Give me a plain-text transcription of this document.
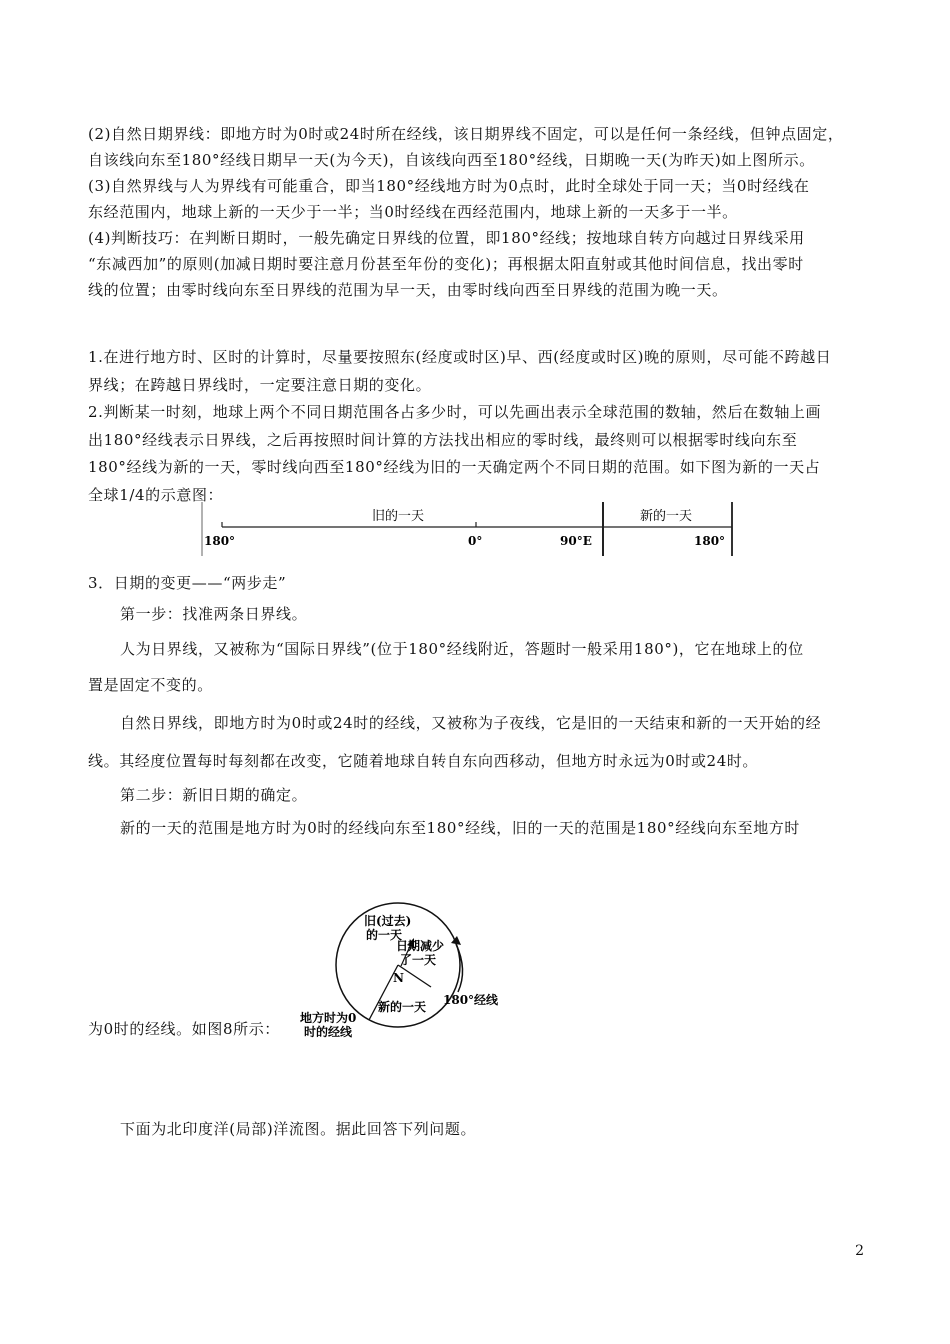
(2)自然日期界线：即地方时为0时或24时所在经线，该日期界线不固定，可以是任何一条经线，但钟点固定，

自该线向东至180°经线日期早一天(为今天)，自该线向西至180°经线，日期晚一天(为昨天)如上图所示。

(3)自然界线与人为界线有可能重合，即当180°经线地方时为0点时，此时全球处于同一天；当0时经线在

东经范围内，地球上新的一天少于一半；当0时经线在西经范围内，地球上新的一天多于一半。

(4)判断技巧：在判断日期时，一般先确定日界线的位置，即180°经线；按地球自转方向越过日界线采用

“东减西加”的原则(加减日期时要注意月份甚至年份的变化)；再根据太阳直射或其他时间信息，找出零时

线的位置；由零时线向东至日界线的范围为早一天，由零时线向西至日界线的范围为晚一天。

1.在进行地方时、区时的计算时，尽量要按照东(经度或时区)早、西(经度或时区)晚的原则，尽可能不跨越日

界线；在跨越日界线时，一定要注意日期的变化。

2.判断某一时刻，地球上两个不同日期范围各占多少时，可以先画出表示全球范围的数轴，然后在数轴上画

出180°经线表示日界线，之后再按照时间计算的方法找出相应的零时线，最终则可以根据零时线向东至

180°经线为新的一天，零时线向西至180°经线为旧的一天确定两个不同日期的范围。如下图为新的一天占

全球1/4的示意图：

旧的一天	新的一天
180°	0°	90°E	180°

3．日期的变更——“两步走”

第一步：找准两条日界线。

人为日界线，又被称为“国际日界线”(位于180°经线附近，答题时一般采用180°)，它在地球上的位

置是固定不变的。

自然日界线，即地方时为0时或24时的经线，又被称为子夜线，它是旧的一天结束和新的一天开始的经

线。其经度位置每时每刻都在改变，它随着地球自转自东向西移动，但地方时永远为0时或24时。

第二步：新旧日期的确定。

新的一天的范围是地方时为0时的经线向东至180°经线，旧的一天的范围是180°经线向东至地方时

为0时的经线。如图8所示：

旧(过去)
的一天
日期减少
了一天
N
新的一天 180°经线
地方时为0
时的经线

下面为北印度洋(局部)洋流图。据此回答下列问题。

2
